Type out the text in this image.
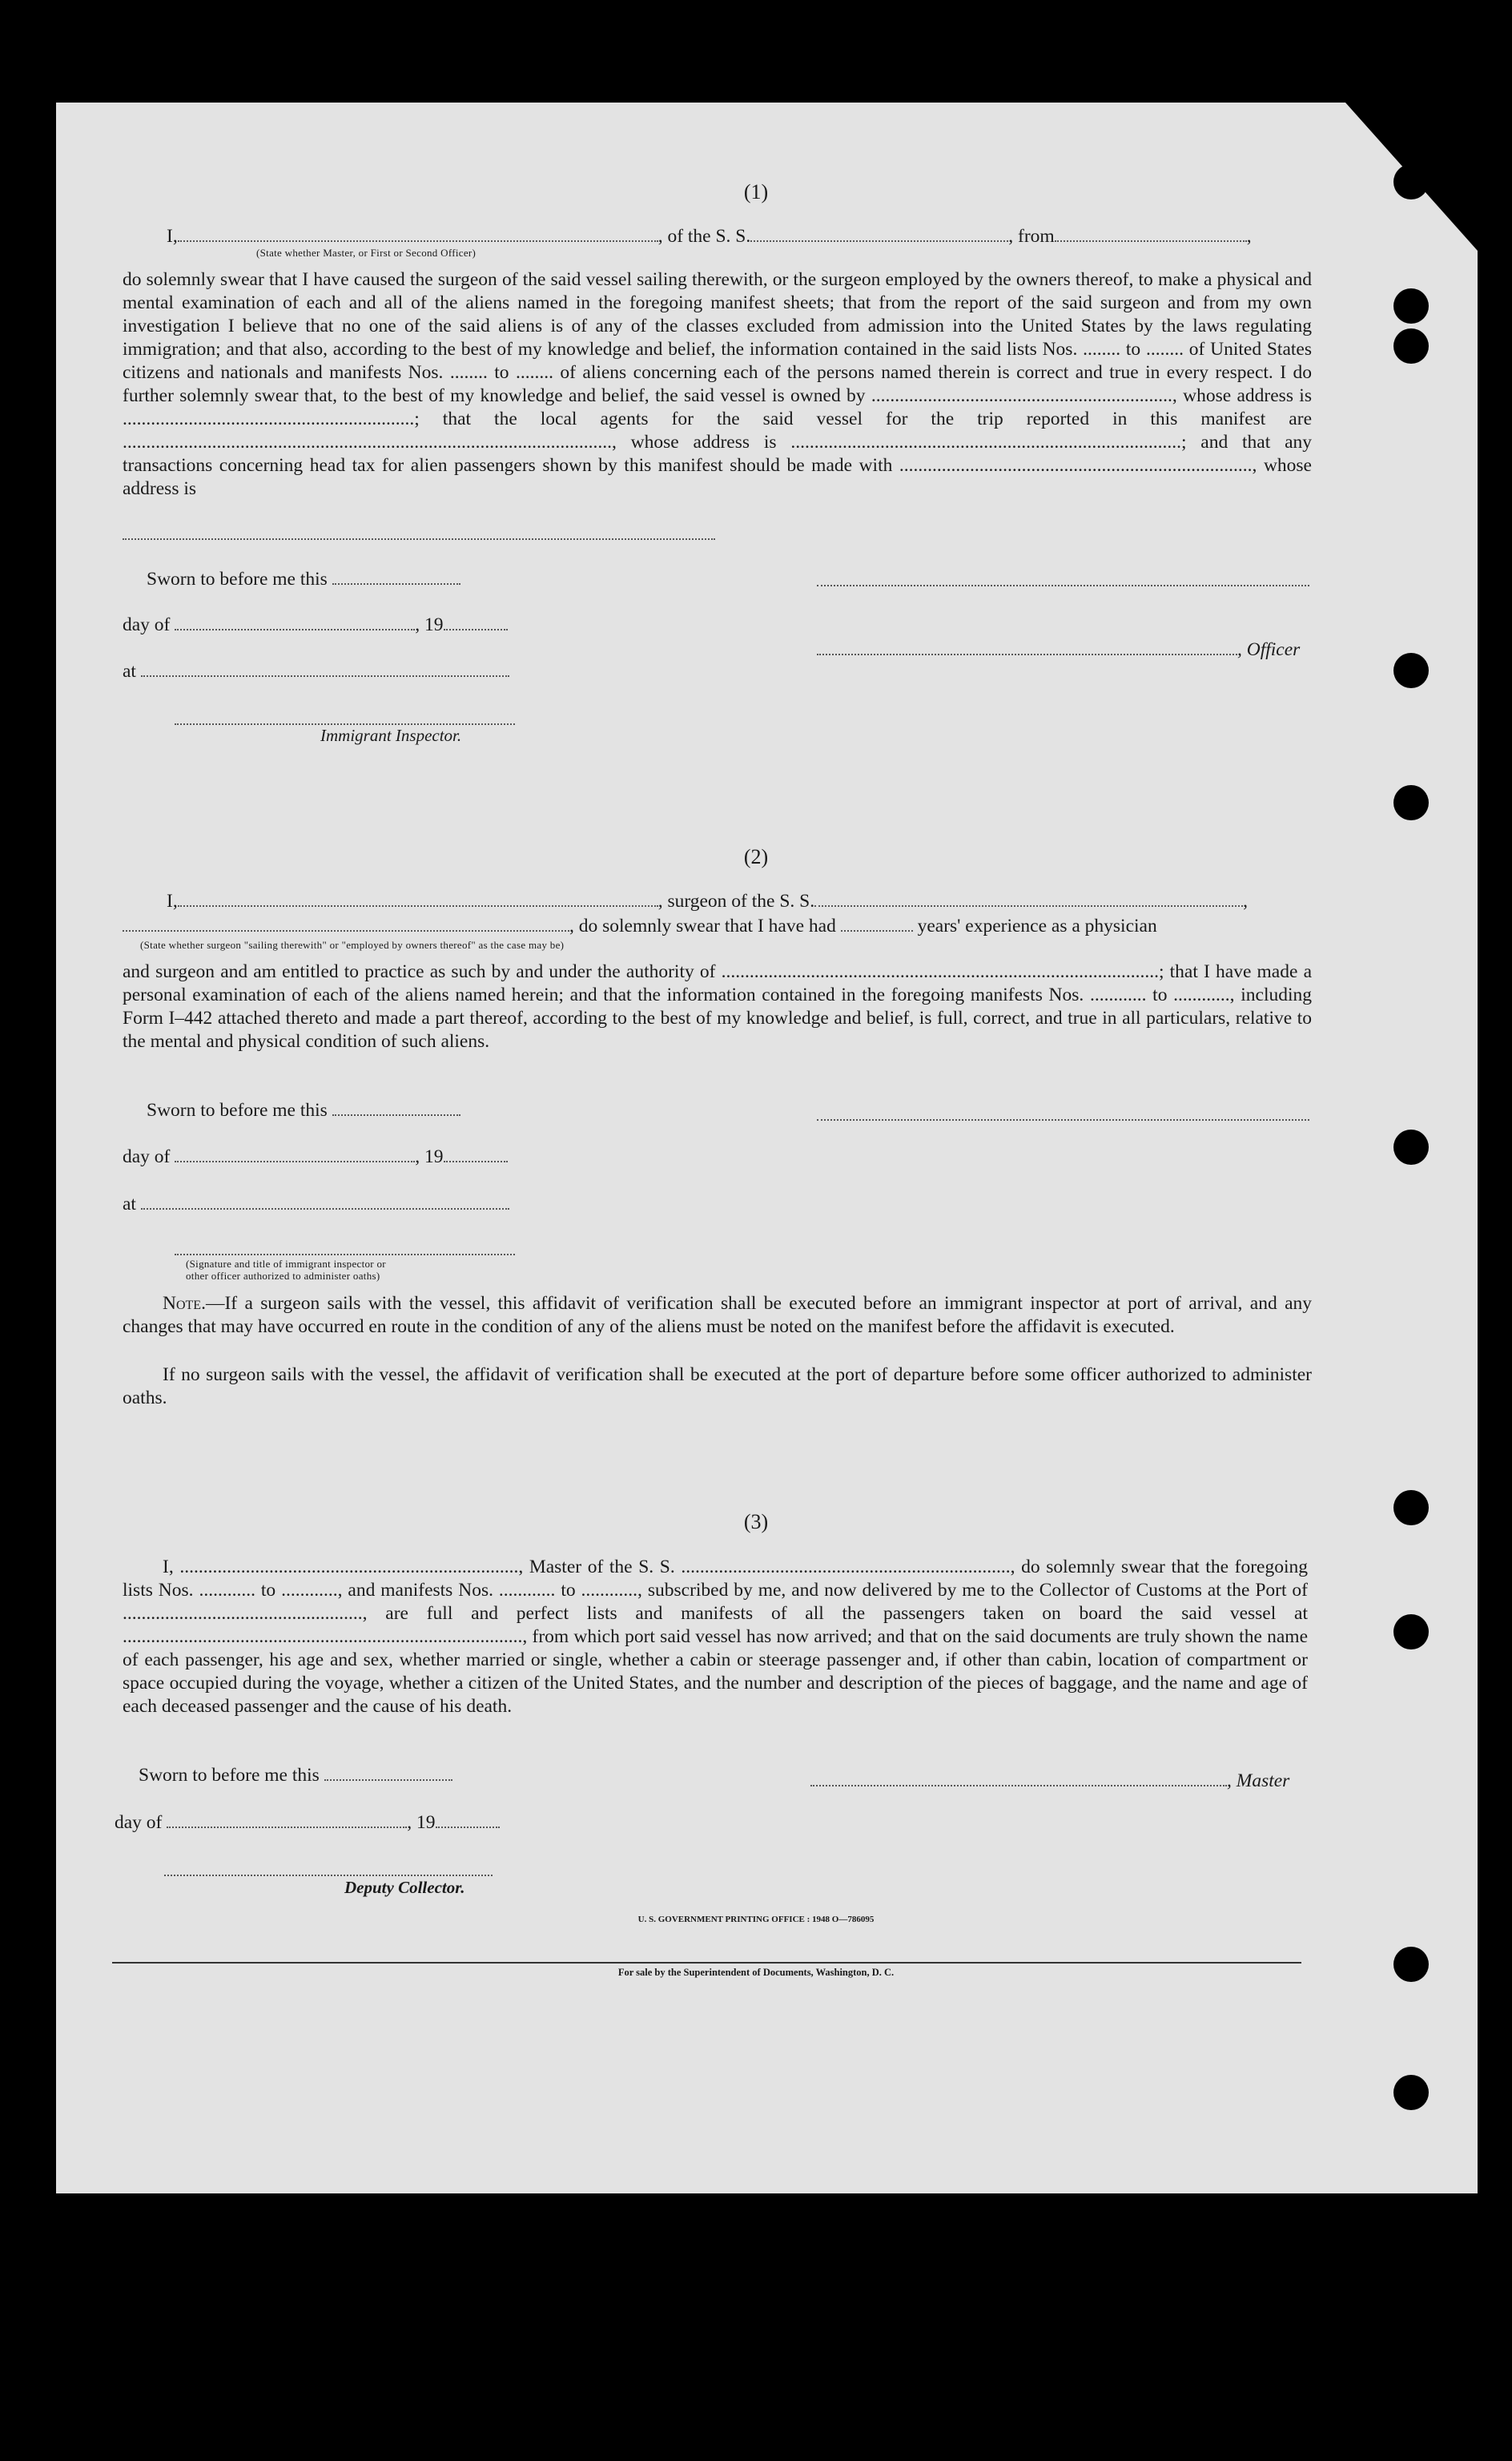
(1)
I,	, of the S. S.	, from	,
(State whether Master, or First or Second Officer)

do solemnly swear that I have caused the surgeon of the said vessel sailing therewith, or the surgeon employed by the owners thereof, to make a physical and mental examination of each and all of the aliens named in the foregoing manifest sheets; that from the report of the said surgeon and from my own investigation I believe that no one of the said aliens is of any of the classes excluded from admission into the United States by the laws regulating immigration; and that also, according to the best of my knowledge and belief, the information contained in the said lists Nos. ........ to ........ of United States citizens and nationals and manifests Nos. ........ to ........ of aliens concerning each of the persons named therein is correct and true in every respect. I do further solemnly swear that, to the best of my knowledge and belief, the said vessel is owned by ................................................................, whose address is ..............................................................; that the local agents for the said vessel for the trip reported in this manifest are ........................................................................................................, whose address is ...................................................................................; and that any transactions concerning head tax for alien passengers shown by this manifest should be made with ..........................................................................., whose address is

Sworn to before me this
day of	, 19
, Officer
at
Immigrant Inspector.
(2)
I,	, surgeon of the S. S.	,
, do solemnly swear that I have had	years' experience as a physician
(State whether surgeon "sailing therewith" or "employed by owners thereof" as the case may be)

and surgeon and am entitled to practice as such by and under the authority of .............................................................................................; that I have made a personal examination of each of the aliens named herein; and that the information contained in the foregoing manifests Nos. ............ to ............, including Form I–442 attached thereto and made a part thereof, according to the best of my knowledge and belief, is full, correct, and true in all particulars, relative to the mental and physical condition of such aliens.

Sworn to before me this
day of	, 19
at
(Signature and title of immigrant inspector or
other officer authorized to administer oaths)

Note.—If a surgeon sails with the vessel, this affidavit of verification shall be executed before an immigrant inspector at port of arrival, and any changes that may have occurred en route in the condition of any of the aliens must be noted on the manifest before the affidavit is executed.

If no surgeon sails with the vessel, the affidavit of verification shall be executed at the port of departure before some officer authorized to administer oaths.

(3)

I, ........................................................................, Master of the S. S. ......................................................................, do solemnly swear that the foregoing lists Nos. ............ to ............, and manifests Nos. ............ to ............, subscribed by me, and now delivered by me to the Collector of Customs at the Port of ..................................................., are full and perfect lists and manifests of all the passengers taken on board the said vessel at ....................................................................................., from which port said vessel has now arrived; and that on the said documents are truly shown the name of each passenger, his age and sex, whether married or single, whether a cabin or steerage passenger and, if other than cabin, location of compartment or space occupied during the voyage, whether a citizen of the United States, and the number and description of the pieces of baggage, and the name and age of each deceased passenger and the cause of his death.

Sworn to before me this	, Master
day of	, 19
Deputy Collector.
U. S. GOVERNMENT PRINTING OFFICE : 1948 O—786095
For sale by the Superintendent of Documents, Washington, D. C.
